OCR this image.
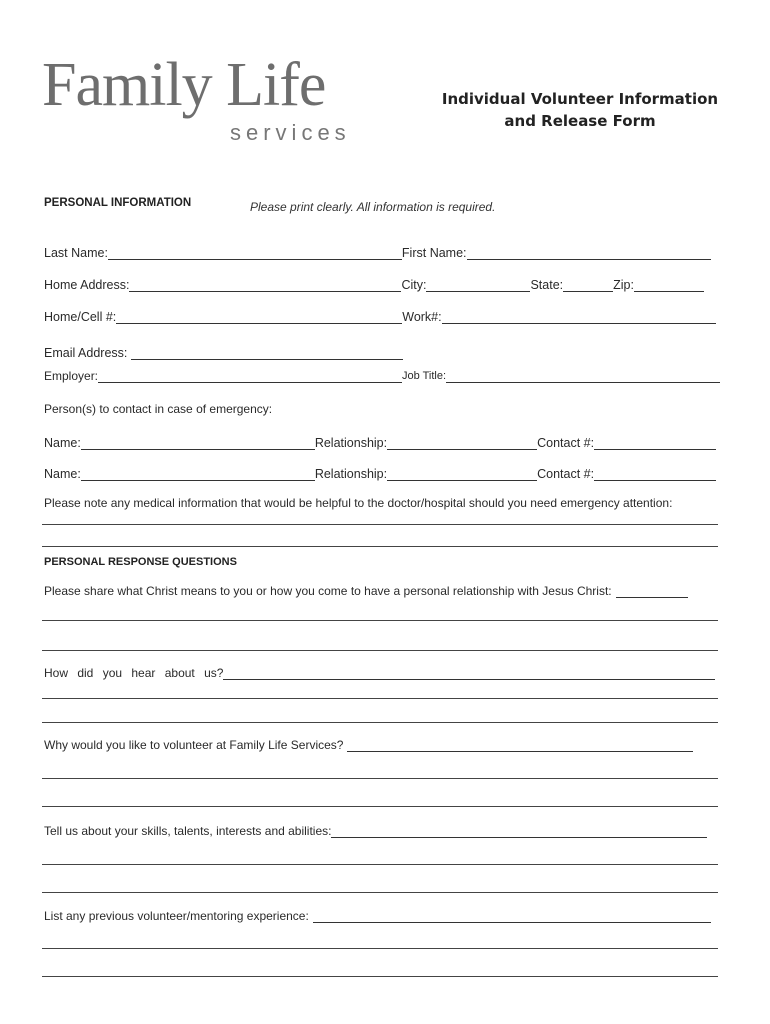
Family Life
services
Individual Volunteer Information
and Release Form
PERSONAL INFORMATION	Please print clearly. All information is required.
Last Name:	First Name:
Home Address:	City:	State:	Zip:
Home/Cell #:	Work#:
Email Address:
Employer:	Job Title:
Person(s) to contact in case of emergency:
Name:	Relationship:	Contact #:
Name:	Relationship:	Contact #:
Please note any medical information that would be helpful to the doctor/hospital should you need emergency attention:
PERSONAL RESPONSE QUESTIONS
Please share what Christ means to you or how you come to have a personal relationship with Jesus Christ:
How did you hear about us?
Why would you like to volunteer at Family Life Services?
Tell us about your skills, talents, interests and abilities:
List any previous volunteer/mentoring experience:
